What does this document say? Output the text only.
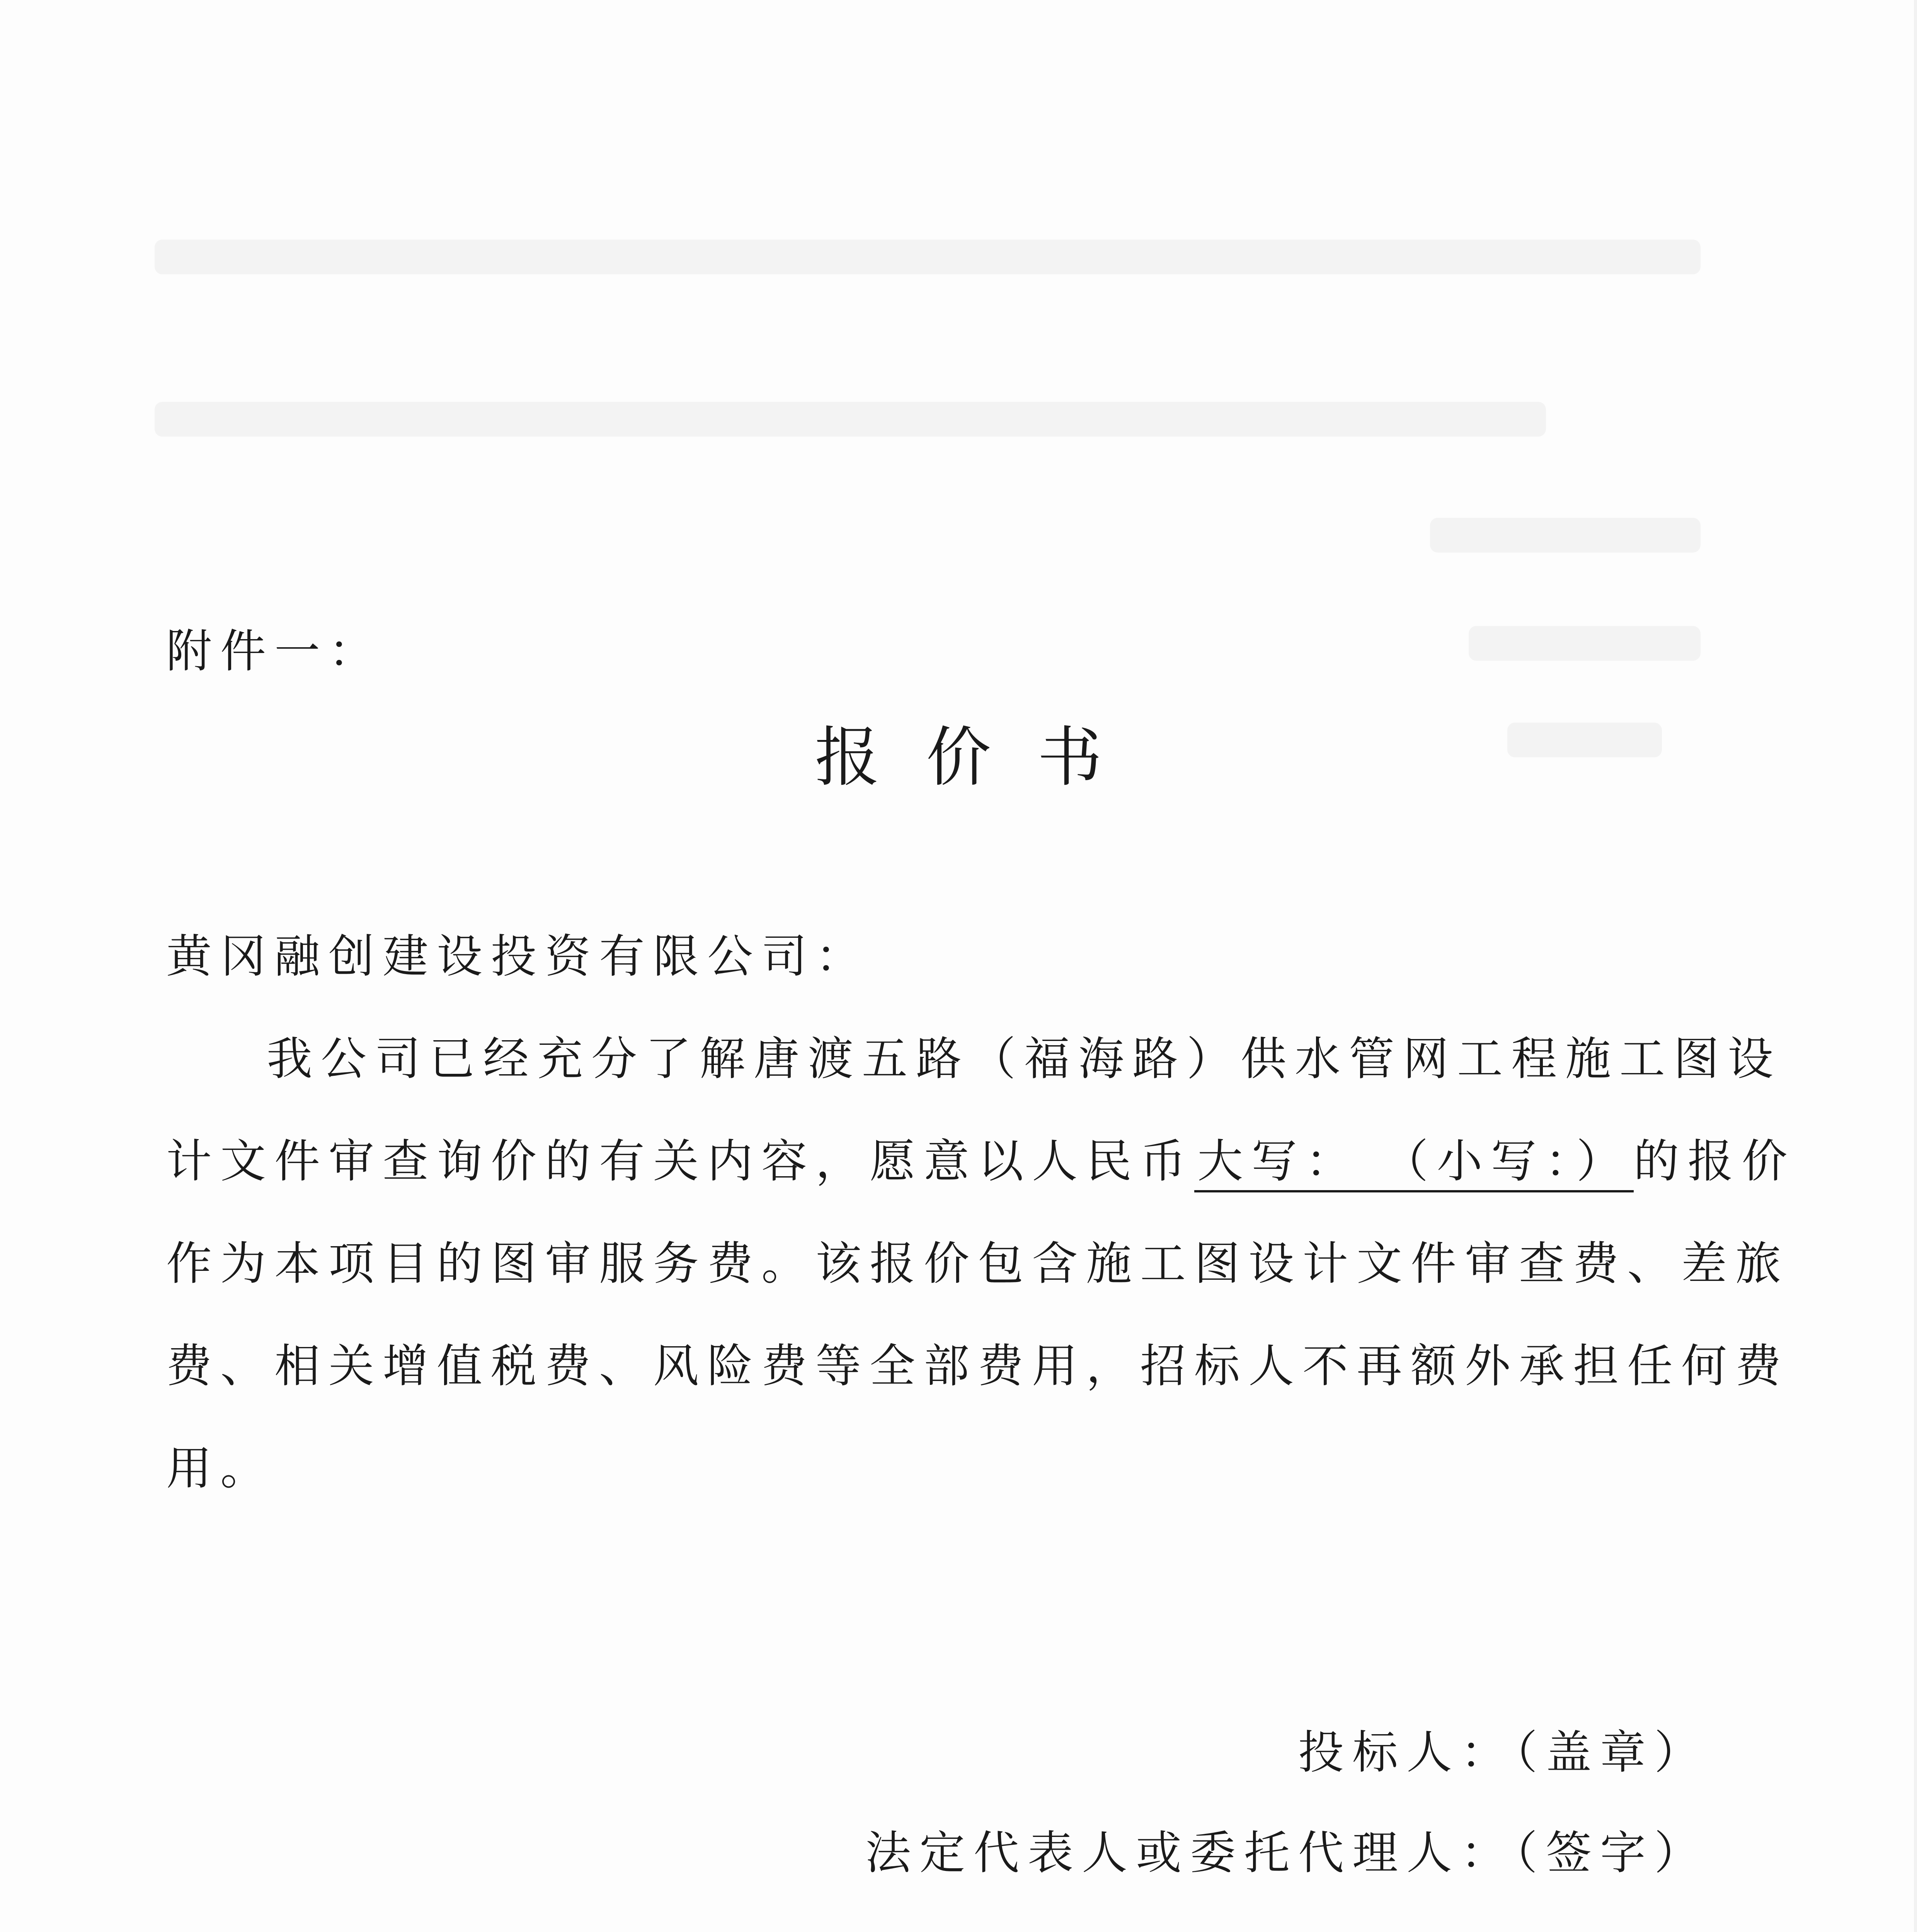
附件一：
报价书
黄冈融创建设投资有限公司：
我公司已经充分了解唐渡五路（福海路）供水管网工程施工图设
计文件审查询价的有关内容，愿意以人民币大写： （小写：）的报价
作为本项目的图审服务费。该报价包含施工图设计文件审查费、差旅
费、相关增值税费、风险费等全部费用，招标人不再额外承担任何费
用。
投标人：（盖章）
法定代表人或委托代理人：（签字）
